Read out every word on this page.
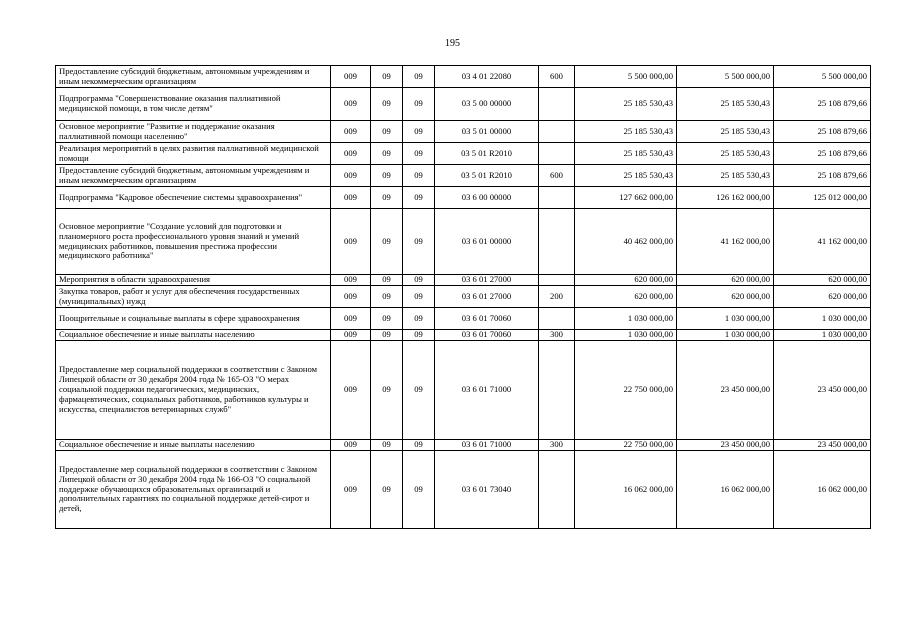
195
Предоставление субсидий бюджетным, автономным учреждениям и иным некоммерческим организациям	009	09	09	03 4 01 22080	600	5 500 000,00	5 500 000,00	5 500 000,00
Подпрограмма "Совершенствование оказания паллиативной медицинской помощи, в том числе детям"	009	09	09	03 5 00 00000		25 185 530,43	25 185 530,43	25 108 879,66
Основное мероприятие "Развитие и поддержание оказания паллиативной помощи населению"	009	09	09	03 5 01 00000		25 185 530,43	25 185 530,43	25 108 879,66
Реализация мероприятий в целях развития паллиативной медицинской помощи	009	09	09	03 5 01 R2010		25 185 530,43	25 185 530,43	25 108 879,66
Предоставление субсидий бюджетным, автономным учреждениям и иным некоммерческим организациям	009	09	09	03 5 01 R2010	600	25 185 530,43	25 185 530,43	25 108 879,66
Подпрограмма "Кадровое обеспечение системы здравоохранения"	009	09	09	03 6 00 00000		127 662 000,00	126 162 000,00	125 012 000,00
Основное мероприятие "Создание условий для подготовки и планомерного роста профессионального уровня знаний и умений медицинских работников, повышения престижа профессии медицинского работника"	009	09	09	03 6 01 00000		40 462 000,00	41 162 000,00	41 162 000,00
Мероприятия в области здравоохранения	009	09	09	03 6 01 27000		620 000,00	620 000,00	620 000,00
Закупка товаров, работ и услуг для обеспечения государственных (муниципальных) нужд	009	09	09	03 6 01 27000	200	620 000,00	620 000,00	620 000,00
Поощрительные и социальные выплаты в сфере здравоохранения	009	09	09	03 6 01 70060		1 030 000,00	1 030 000,00	1 030 000,00
Социальное обеспечение и иные выплаты населению	009	09	09	03 6 01 70060	300	1 030 000,00	1 030 000,00	1 030 000,00
Предоставление мер социальной поддержки в соответствии с Законом Липецкой области от 30 декабря 2004 года № 165-ОЗ "О мерах социальной поддержки педагогических, медицинских, фармацевтических, социальных работников, работников культуры и искусства, специалистов ветеринарных служб"	009	09	09	03 6 01 71000		22 750 000,00	23 450 000,00	23 450 000,00
Социальное обеспечение и иные выплаты населению	009	09	09	03 6 01 71000	300	22 750 000,00	23 450 000,00	23 450 000,00
Предоставление мер социальной поддержки в соответствии с Законом Липецкой области от 30 декабря 2004 года № 166-ОЗ "О социальной поддержке обучающихся образовательных организаций и дополнительных гарантиях по социальной поддержке детей-сирот и детей,	009	09	09	03 6 01 73040		16 062 000,00	16 062 000,00	16 062 000,00
